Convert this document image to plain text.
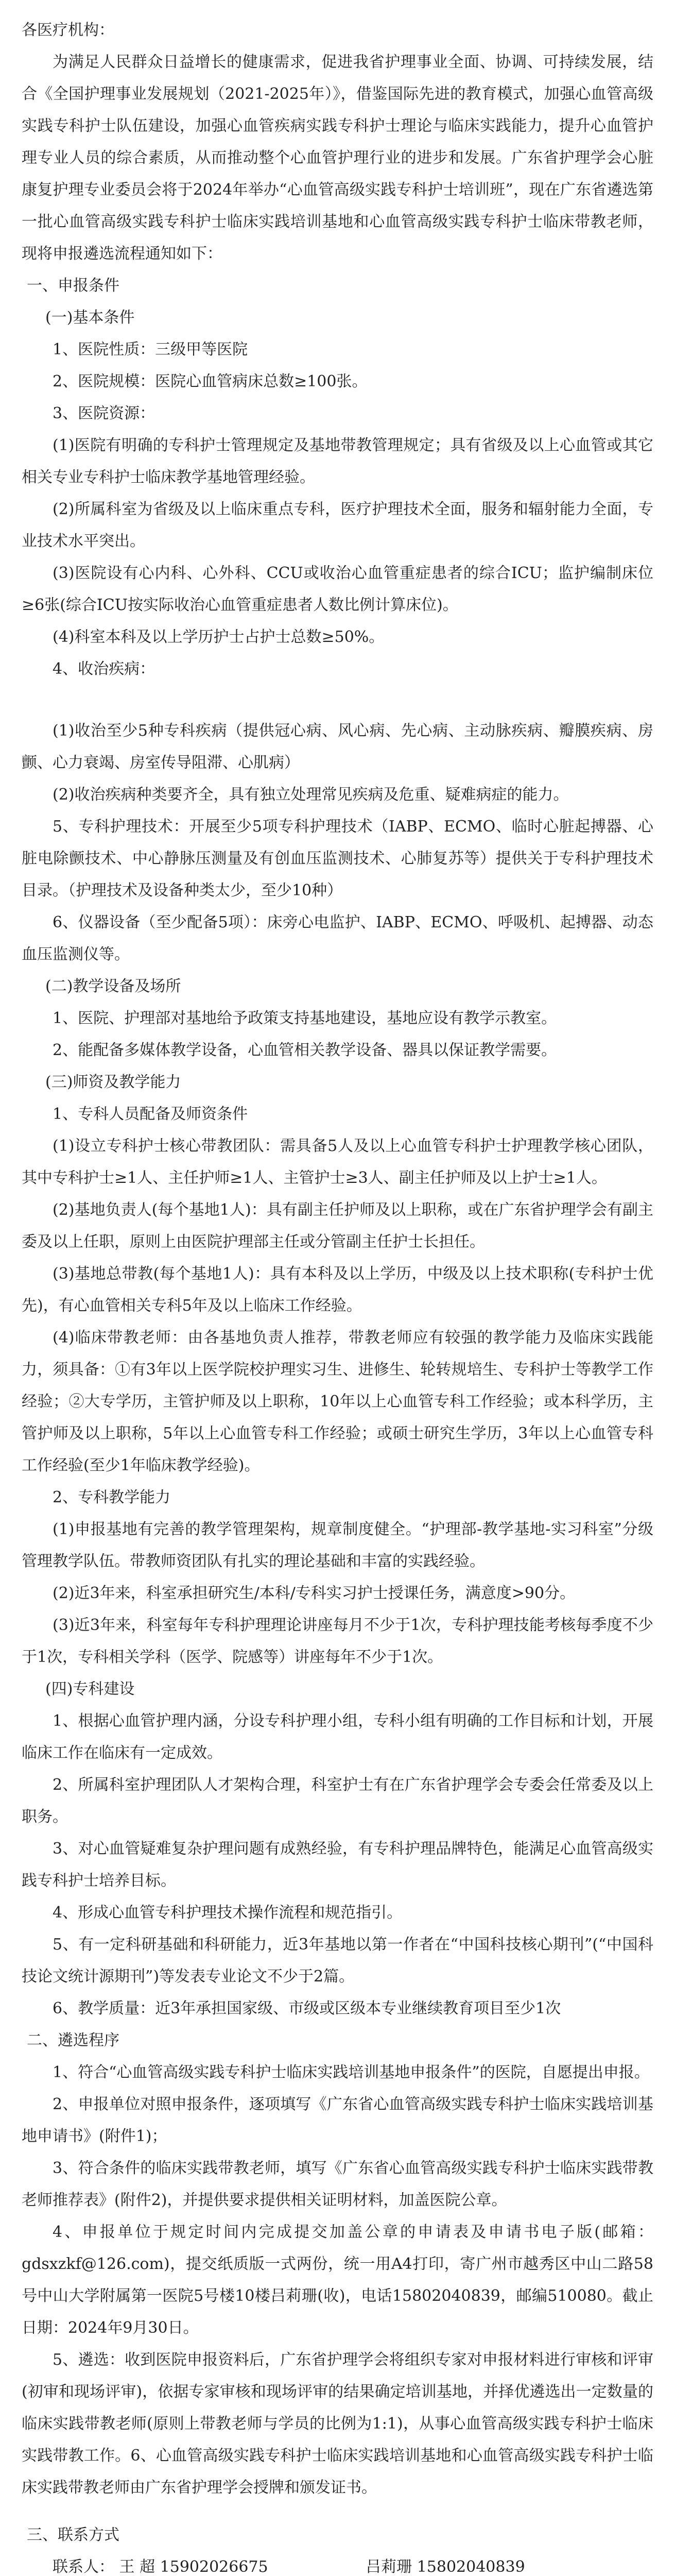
各医疗机构：

为满足人民群众日益增长的健康需求，促进我省护理事业全面、协调、可持续发展，结合《全国护理事业发展规划（2021-2025年）》，借鉴国际先进的教育模式，加强心血管高级实践专科护士队伍建设，加强心血管疾病实践专科护士理论与临床实践能力，提升心血管护理专业人员的综合素质，从而推动整个心血管护理行业的进步和发展。广东省护理学会心脏康复护理专业委员会将于2024年举办“心血管高级实践专科护士培训班”，现在广东省遴选第一批心血管高级实践专科护士临床实践培训基地和心血管高级实践专科护士临床带教老师，现将申报遴选流程通知如下：

一、申报条件

(一)基本条件

1、医院性质：三级甲等医院

2、医院规模：医院心血管病床总数≥100张。

3、医院资源：

(1)医院有明确的专科护士管理规定及基地带教管理规定；具有省级及以上心血管或其它相关专业专科护士临床教学基地管理经验。

(2)所属科室为省级及以上临床重点专科，医疗护理技术全面，服务和辐射能力全面，专业技术水平突出。

(3)医院设有心内科、心外科、CCU或收治心血管重症患者的综合ICU；监护编制床位≥6张(综合ICU按实际收治心血管重症患者人数比例计算床位)。

(4)科室本科及以上学历护士占护士总数≥50%。

4、收治疾病：

(1)收治至少5种专科疾病（提供冠心病、风心病、先心病、主动脉疾病、瓣膜疾病、房颤、心力衰竭、房室传导阻滞、心肌病）

(2)收治疾病种类要齐全，具有独立处理常见疾病及危重、疑难病症的能力。

5、专科护理技术：开展至少5项专科护理技术（IABP、ECMO、临时心脏起搏器、心脏电除颤技术、中心静脉压测量及有创血压监测技术、心肺复苏等）提供关于专科护理技术目录。（护理技术及设备种类太少，至少10种）

6、仪器设备（至少配备5项）：床旁心电监护、IABP、ECMO、呼吸机、起搏器、动态血压监测仪等。

(二)教学设备及场所

1、医院、护理部对基地给予政策支持基地建设，基地应设有教学示教室。

2、能配备多媒体教学设备，心血管相关教学设备、器具以保证教学需要。

(三)师资及教学能力

1、专科人员配备及师资条件

(1)设立专科护士核心带教团队：需具备5人及以上心血管专科护士护理教学核心团队，其中专科护士≥1人、主任护师≥1人、主管护士≥3人、副主任护师及以上护士≥1人。

(2)基地负责人(每个基地1人)：具有副主任护师及以上职称，或在广东省护理学会有副主委及以上任职，原则上由医院护理部主任或分管副主任护士长担任。

(3)基地总带教(每个基地1人)：具有本科及以上学历，中级及以上技术职称(专科护士优先)，有心血管相关专科5年及以上临床工作经验。

(4)临床带教老师：由各基地负责人推荐，带教老师应有较强的教学能力及临床实践能力，须具备：①有3年以上医学院校护理实习生、进修生、轮转规培生、专科护士等教学工作经验；②大专学历，主管护师及以上职称，10年以上心血管专科工作经验；或本科学历，主管护师及以上职称，5年以上心血管专科工作经验；或硕士研究生学历，3年以上心血管专科工作经验(至少1年临床教学经验)。

2、专科教学能力

(1)申报基地有完善的教学管理架构，规章制度健全。“护理部-教学基地-实习科室”分级管理教学队伍。带教师资团队有扎实的理论基础和丰富的实践经验。

(2)近3年来，科室承担研究生/本科/专科实习护士授课任务，满意度>90分。

(3)近3年来，科室每年专科护理理论讲座每月不少于1次，专科护理技能考核每季度不少于1次，专科相关学科（医学、院感等）讲座每年不少于1次。

(四)专科建设

1、根据心血管护理内涵，分设专科护理小组，专科小组有明确的工作目标和计划，开展临床工作在临床有一定成效。

2、所属科室护理团队人才架构合理，科室护士有在广东省护理学会专委会任常委及以上职务。

3、对心血管疑难复杂护理问题有成熟经验，有专科护理品牌特色，能满足心血管高级实践专科护士培养目标。

4、形成心血管专科护理技术操作流程和规范指引。

5、有一定科研基础和科研能力，近3年基地以第一作者在“中国科技核心期刊”(“中国科技论文统计源期刊”)等发表专业论文不少于2篇。

6、教学质量：近3年承担国家级、市级或区级本专业继续教育项目至少1次

二、遴选程序

1、符合“心血管高级实践专科护士临床实践培训基地申报条件”的医院，自愿提出申报。

2、申报单位对照申报条件，逐项填写《广东省心血管高级实践专科护士临床实践培训基地申请书》(附件1)；

3、符合条件的临床实践带教老师，填写《广东省心血管高级实践专科护士临床实践带教老师推荐表》(附件2)，并提供要求提供相关证明材料，加盖医院公章。

4、申报单位于规定时间内完成提交加盖公章的申请表及申请书电子版(邮箱：gdsxzkf@126.com)，提交纸质版一式两份，统一用A4打印，寄广州市越秀区中山二路58号中山大学附属第一医院5号楼10楼吕莉珊(收)，电话15802040839，邮编510080。截止日期：2024年9月30日。

5、遴选：收到医院申报资料后，广东省护理学会将组织专家对申报材料进行审核和评审(初审和现场评审)，依据专家审核和现场评审的结果确定培训基地，并择优遴选出一定数量的临床实践带教老师(原则上带教老师与学员的比例为1:1)，从事心血管高级实践专科护士临床实践带教工作。6、心血管高级实践专科护士临床实践培训基地和心血管高级实践专科护士临床实践带教老师由广东省护理学会授牌和颁发证书。

三、联系方式

联系人： 王 超 15902026675      	吕莉珊 15802040839
